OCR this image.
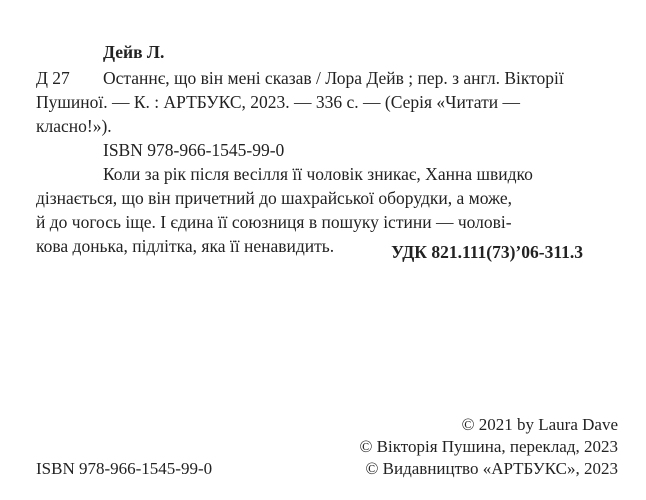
Дейв Л.
Д 27 Останнє, що він мені сказав / Лора Дейв ; пер. з англ. Вікторії
Пушиної. — К. : АРТБУКС, 2023. — 336 с. — (Серія «Читати —
класно!»).
ISBN 978-966-1545-99-0
Коли за рік після весілля її чоловік зникає, Ханна швидко
дізнається, що він причетний до шахрайської оборудки, а може,
й до чогось іще. І єдина її союзниця в пошуку істини — чолові-
кова донька, підлітка, яка її ненавидить.	УДК 821.111(73)’06-311.3
© 2021 by Laura Dave
© Вікторія Пушина, переклад, 2023
ISBN 978-966-1545-99-0	© Видавництво «АРТБУКС», 2023
